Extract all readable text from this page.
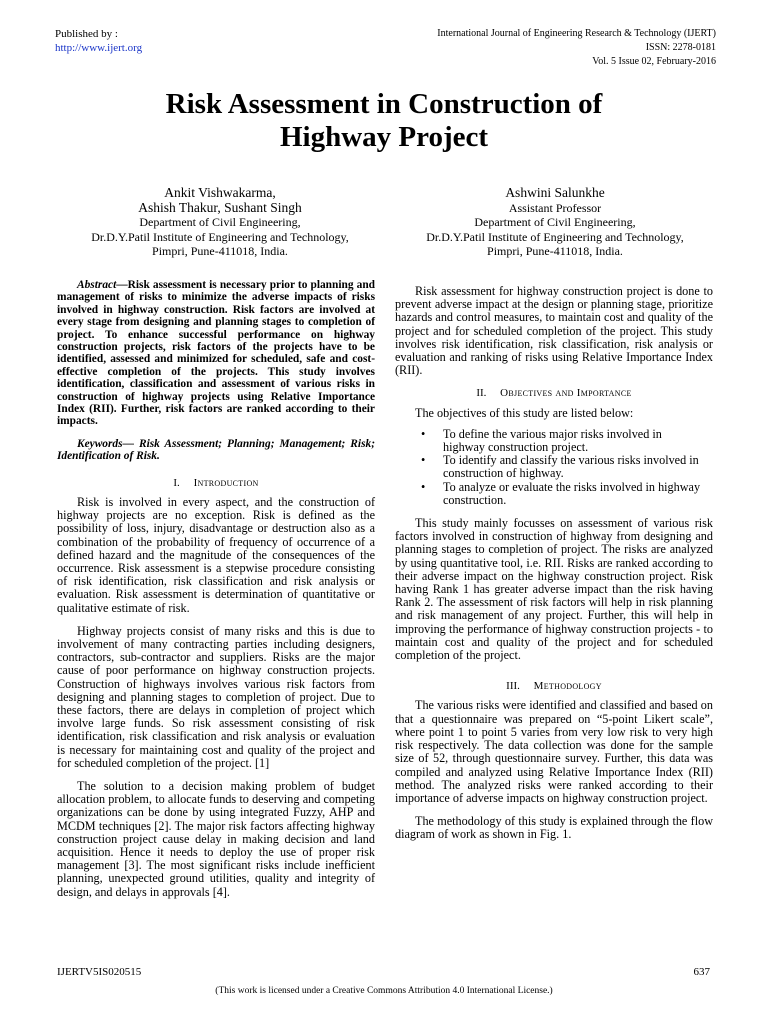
Published by :
http://www.ijert.org
International Journal of Engineering Research & Technology (IJERT)
ISSN: 2278-0181
Vol. 5 Issue 02, February-2016
Risk Assessment in Construction of
Highway Project
Ankit Vishwakarma,
Ashish Thakur, Sushant Singh
Department of Civil Engineering,
Dr.D.Y.Patil Institute of Engineering and Technology,
Pimpri, Pune-411018, India.
Ashwini Salunkhe
Assistant Professor
Department of Civil Engineering,
Dr.D.Y.Patil Institute of Engineering and Technology,
Pimpri, Pune-411018, India.

Abstract—Risk assessment is necessary prior to planning and management of risks to minimize the adverse impacts of risks involved in highway construction. Risk factors are involved at every stage from designing and planning stages to completion of project. To enhance successful performance on highway construction projects, risk factors of the projects have to be identified, assessed and minimized for scheduled, safe and cost-effective completion of the projects. This study involves identification, classification and assessment of various risks in construction of highway projects using Relative Importance Index (RII). Further, risk factors are ranked according to their impacts.

Keywords— Risk Assessment; Planning; Management; Risk; Identification of Risk.

I. Introduction

Risk is involved in every aspect, and the construction of highway projects are no exception. Risk is defined as the possibility of loss, injury, disadvantage or destruction also as a combination of the probability of frequency of occurrence of a defined hazard and the magnitude of the consequences of the occurrence. Risk assessment is a stepwise procedure consisting of risk identification, risk classification and risk analysis or evaluation. Risk assessment is determination of quantitative or qualitative estimate of risk.

Highway projects consist of many risks and this is due to involvement of many contracting parties including designers, contractors, sub-contractor and suppliers. Risks are the major cause of poor performance on highway construction projects. Construction of highways involves various risk factors from designing and planning stages to completion of project. Due to these factors, there are delays in completion of project which involve large funds. So risk assessment consisting of risk identification, risk classification and risk analysis or evaluation is necessary for maintaining cost and quality of the project and for scheduled completion of the project. [1]

The solution to a decision making problem of budget allocation problem, to allocate funds to deserving and competing organizations can be done by using integrated Fuzzy, AHP and MCDM techniques [2]. The major risk factors affecting highway construction project cause delay in making decision and land acquisition. Hence it needs to deploy the use of proper risk management [3]. The most significant risks include inefficient planning, unexpected ground utilities, quality and integrity of design, and delays in approvals [4].

Risk assessment for highway construction project is done to prevent adverse impact at the design or planning stage, prioritize hazards and control measures, to maintain cost and quality of the project and for scheduled completion of the project. This study involves risk identification, risk classification, risk analysis or evaluation and ranking of risks using Relative Importance Index (RII).

II. Objectives and Importance

The objectives of this study are listed below:

• To define the various major risks involved in
highway construction project.
• To identify and classify the various risks involved in
construction of highway.
• To analyze or evaluate the risks involved in highway
construction.

This study mainly focusses on assessment of various risk factors involved in construction of highway from designing and planning stages to completion of project. The risks are analyzed by using quantitative tool, i.e. RII. Risks are ranked according to their adverse impact on the highway construction project. Risk having Rank 1 has greater adverse impact than the risk having Rank 2. The assessment of risk factors will help in risk planning and risk management of any project. Further, this will help in improving the performance of highway construction projects - to maintain cost and quality of the project and for scheduled completion of the project.

III. Methodology

The various risks were identified and classified and based on that a questionnaire was prepared on “5-point Likert scale”, where point 1 to point 5 varies from very low risk to very high risk respectively. The data collection was done for the sample size of 52, through questionnaire survey. Further, this data was compiled and analyzed using Relative Importance Index (RII) method. The analyzed risks were ranked according to their importance of adverse impacts on highway construction project.

The methodology of this study is explained through the flow diagram of work as shown in Fig. 1.

IJERTV5IS020515	637
(This work is licensed under a Creative Commons Attribution 4.0 International License.)
